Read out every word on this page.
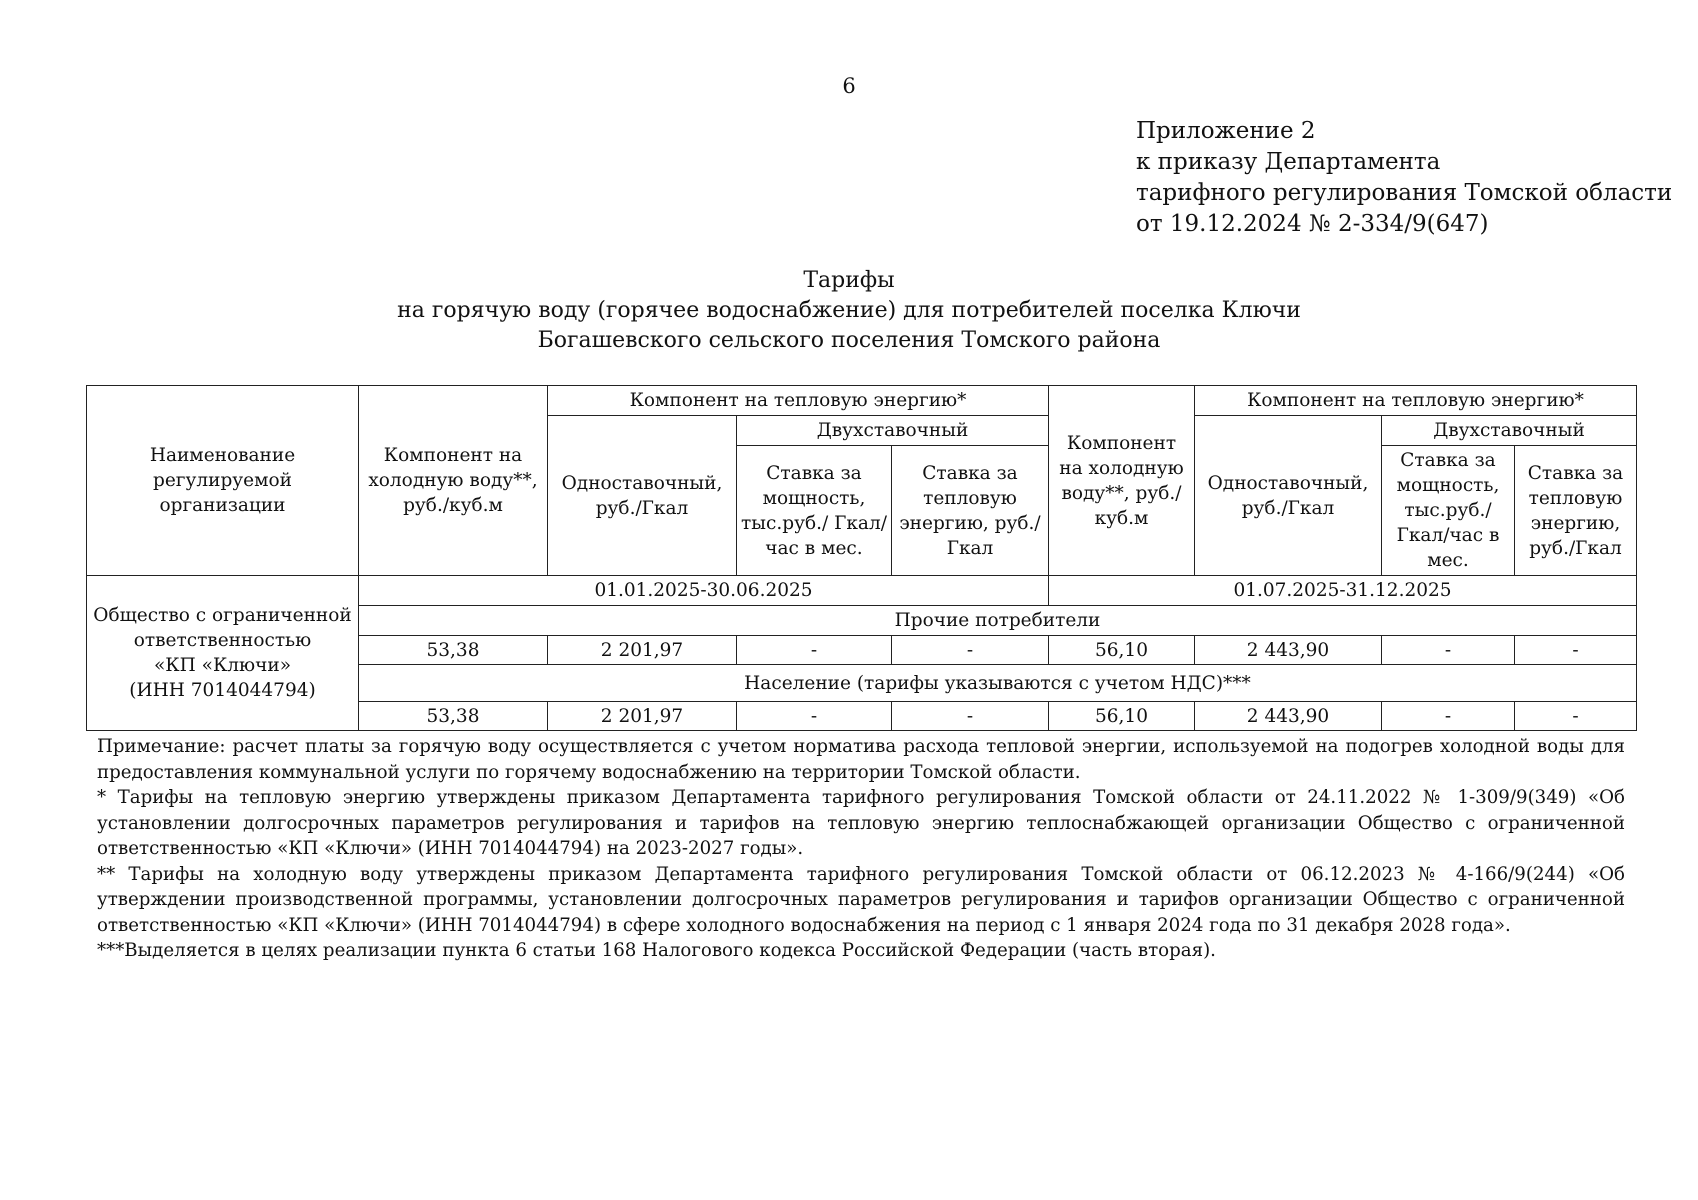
6
Приложение 2
к приказу Департамента
тарифного регулирования Томской области
от 19.12.2024 № 2-334/9(647)
Тарифы
на горячую воду (горячее водоснабжение) для потребителей поселка Ключи
Богашевского сельского поселения Томского района
Наименование регулируемой организации	Компонент на холодную воду**, руб./куб.м	Компонент на тепловую энергию*			Компонент на холодную воду**, руб./куб.м	Компонент на тепловую энергию*		
		Одноставочный, руб./Гкал	Двухставочный			Одноставочный, руб./Гкал	Двухставочный	
			Ставка за мощность, тыс.руб./ Гкал/час в мес.	Ставка за тепловую энергию, руб./Гкал			Ставка за мощность, тыс.руб./ Гкал/час в мес.	Ставка за тепловую энергию, руб./Гкал

Общество с ограниченной
ответственностью
«КП «Ключи»
(ИНН 7014044794)	01.01.2025-30.06.2025				01.07.2025-31.12.2025			
	Прочие потребители							
	53,38	2 201,97	-	-	56,10	2 443,90	-	-
	Население (тарифы указываются с учетом НДС)***							
	53,38	2 201,97	-	-	56,10	2 443,90	-	-

Примечание: расчет платы за горячую воду осуществляется с учетом норматива расхода тепловой энергии, используемой на подогрев холодной воды для предоставления коммунальной услуги по горячему водоснабжению на территории Томской области.

* Тарифы на тепловую энергию утверждены приказом Департамента тарифного регулирования Томской области от 24.11.2022 № 1-309/9(349) «Об установлении долгосрочных параметров регулирования и тарифов на тепловую энергию теплоснабжающей организации Общество с ограниченной ответственностью «КП «Ключи» (ИНН 7014044794) на 2023-2027 годы».

** Тарифы на холодную воду утверждены приказом Департамента тарифного регулирования Томской области от 06.12.2023 № 4-166/9(244) «Об утверждении производственной программы, установлении долгосрочных параметров регулирования и тарифов организации Общество с ограниченной ответственностью «КП «Ключи» (ИНН 7014044794) в сфере холодного водоснабжения на период с 1 января 2024 года по 31 декабря 2028 года».

***Выделяется в целях реализации пункта 6 статьи 168 Налогового кодекса Российской Федерации (часть вторая).
